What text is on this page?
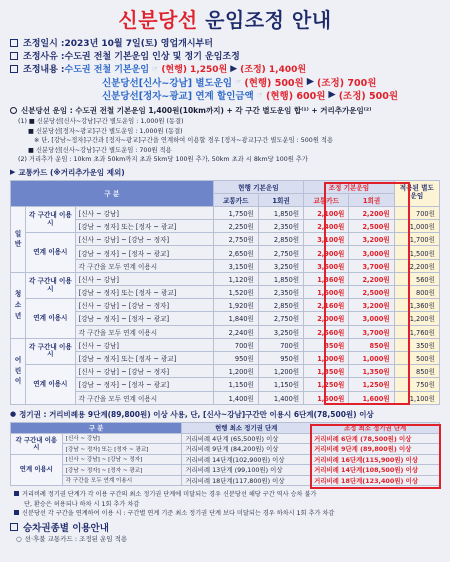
신분당선 운임조정 안내
조정일시 : 2023년 10월 7일(토) 영업개시부터
조정사유 : 수도권 전철 기본운임 인상 및 정기 운임조정
조정내용 : 수도권 전철 기본운임 ☞ (현행) 1,250원 ▶ (조정) 1,400원
신분당선[신사~강남] 별도운임 ☞ (현행) 500원 ▶ (조정) 700원
신분당선[정자~광교] 연계 할인금액 ☞ (현행) 600원 ▶ (조정) 500원
신분당선 운임 : 수도권 전철 기본운임 1,400원(10km까지) + 각 구간 별도운임 합⁽¹⁾ + 거리추가운임⁽²⁾
(1) ■ 신분당선[신사~강남]구간 별도운임 : 1,000원 (동결)
■ 신분당선[정자~광교]구간 별도운임 : 1,000원 (동결)
※ 단, [강남~정자]구간과 [정자~광교]구간을 연계하여 이용할 경우 [정자~광교]구간 별도운임 : 500원 적용
■ 신분당선[신사~강남]구간 별도운임 : 700원 적용
(2) 거리추가 운임 : 10km 초과 50km까지 초과 5km당 100원 추가, 50km 초과 시 8km당 100원 추가
▶ 교통카드 (※거리추가운임 제외)
구 분			현행 기본운임		조정 기본운임		적용된 별도운임
			교통카드	1회권	교통카드	1회권	
일반	각 구간내 이용시	[신사 ~ 강남]	1,750원	1,850원	2,100원	2,200원	700원
		[강남 ~ 정자] 또는 [정자 ~ 광교]	2,250원	2,350원	2,400원	2,500원	1,000원
	연계 이용시	[신사 ~ 강남] ~ [강남 ~ 정자]	2,750원	2,850원	3,100원	3,200원	1,700원
		[강남 ~ 정자] ~ [정자 ~ 광교]	2,650원	2,750원	2,900원	3,000원	1,500원
		각 구간을 모두 연계 이용시	3,150원	3,250원	3,600원	3,700원	2,200원
청소년	각 구간내 이용시	[신사 ~ 강남]	1,120원	1,850원	1,360원	2,200원	560원
		[강남 ~ 정자] 또는 [정자 ~ 광교]	1,520원	2,350원	1,600원	2,500원	800원
	연계 이용시	[신사 ~ 강남] ~ [강남 ~ 정자]	1,920원	2,850원	2,160원	3,200원	1,360원
		[강남 ~ 정자] ~ [정자 ~ 광교]	1,840원	2,750원	2,000원	3,000원	1,200원
		각 구간을 모두 연계 이용시	2,240원	3,250원	2,560원	3,700원	1,760원
어린이	각 구간내 이용시	[신사 ~ 강남]	700원	700원	850원	850원	350원
		[강남 ~ 정자] 또는 [정자 ~ 광교]	950원	950원	1,000원	1,000원	500원
	연계 이용시	[신사 ~ 강남] ~ [강남 ~ 정자]	1,200원	1,200원	1,350원	1,350원	850원
		[강남 ~ 정자] ~ [정자 ~ 광교]	1,150원	1,150원	1,250원	1,250원	750원
		각 구간을 모두 연계 이용시	1,400원	1,400원	1,600원	1,600원	1,100원
● 정기권 : 거리비례용 9단계(89,800원) 이상 사용, 단, [신사~강남]구간만 이용시 6단계(78,500원) 이상
구 분		현행 최소 정기권 단계	조정 최소 정기권 단계
각 구간내 이용시	[신사 ~ 강남]	거리비례 4단계 (65,500원) 이상	거리비례 6단계 (78,500원) 이상
	[강남 ~ 정자] 또는 [정자 ~ 광교]	거리비례 9단계 (84,200원) 이상	거리비례 9단계 (89,800원) 이상
연계 이용시	[신사 ~ 강남] ~ [강남 ~ 정자]	거리비례 14단계(102,900원) 이상	거리비례 16단계(115,900원) 이상
	[강남 ~ 정자] ~ [정자 ~ 광교]	거리비례 13단계 (99,100원) 이상	거리비례 14단계(108,500원) 이상
	각 구간을 모두 연계 이용시	거리비례 18단계(117,800원) 이상	거리비례 18단계(123,400원) 이상
거리비례 정기권 단계가 각 이용 구간의 최소 정기권 단계에 미달되는 경우 신분당선 해당 구간 역사 승차 불가
단, 환승은 허용되나 하차 시 1회 추가 차감
신분당선 각 구간을 연계하여 이용 시 : 구간별 연계 기준 최소 정기권 단계 보다 미달되는 경우 하차시 1회 추가 차감
승차권종별 이용안내
○ 선·후불 교통카드 : 조정된 운임 적용
